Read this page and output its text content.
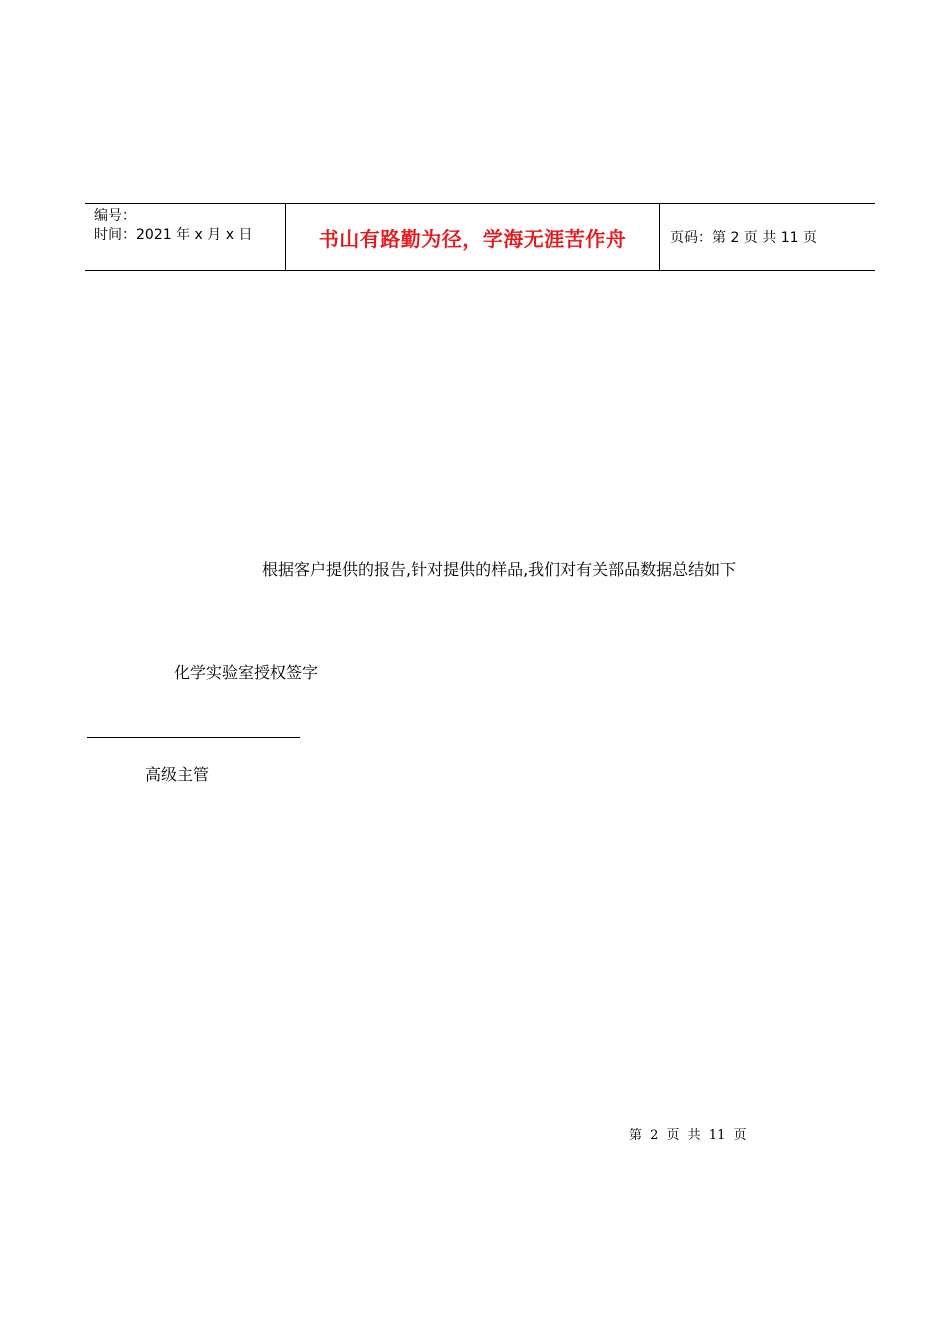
编号：
时间：2021 年 x 月 x 日	书山有路勤为径，学海无涯苦作舟	页码：第 2 页 共 11 页
根据客户提供的报告,针对提供的样品,我们对有关部品数据总结如下
化学实验室授权签字
高级主管
第 2 页 共 11 页
